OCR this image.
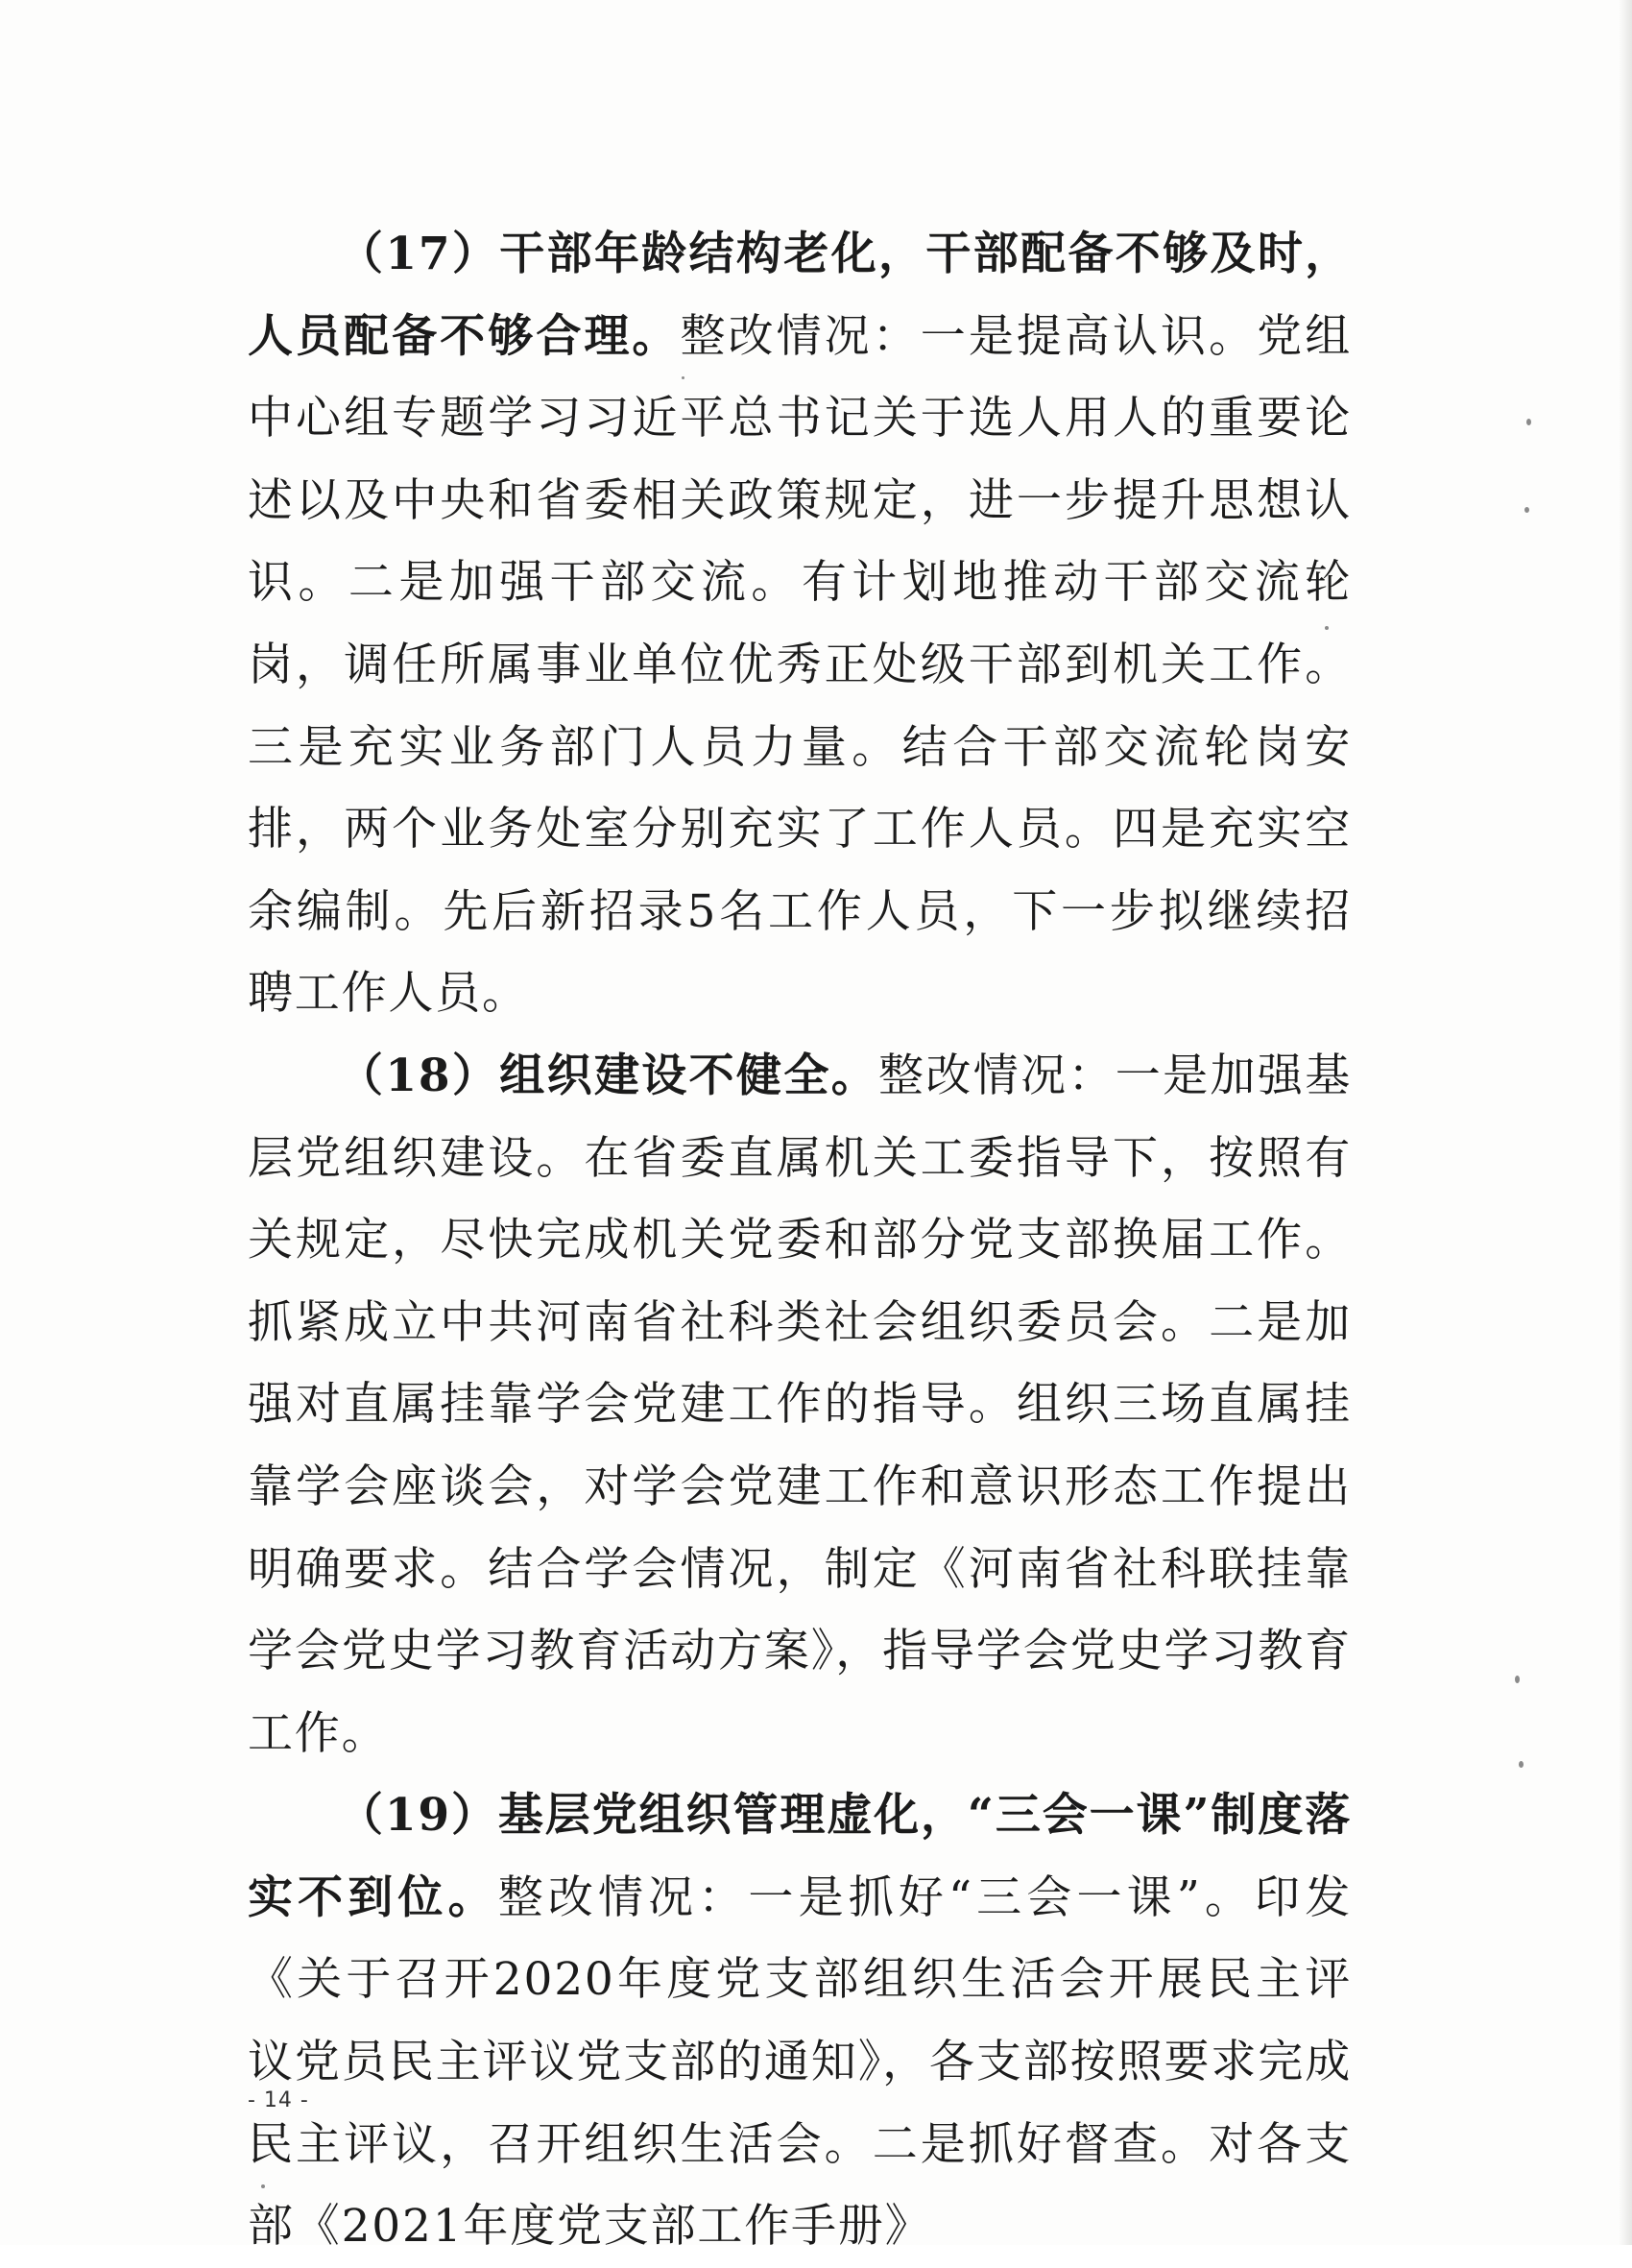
（17）干部年龄结构老化，干部配备不够及时，人员配备不够合理。整改情况：一是提高认识。党组中心组专题学习习近平总书记关于选人用人的重要论述以及中央和省委相关政策规定，进一步提升思想认识。二是加强干部交流。有计划地推动干部交流轮岗，调任所属事业单位优秀正处级干部到机关工作。三是充实业务部门人员力量。结合干部交流轮岗安排，两个业务处室分别充实了工作人员。四是充实空余编制。先后新招录5名工作人员，下一步拟继续招聘工作人员。

（18）组织建设不健全。整改情况：一是加强基层党组织建设。在省委直属机关工委指导下，按照有关规定，尽快完成机关党委和部分党支部换届工作。抓紧成立中共河南省社科类社会组织委员会。二是加强对直属挂靠学会党建工作的指导。组织三场直属挂靠学会座谈会，对学会党建工作和意识形态工作提出明确要求。结合学会情况，制定《河南省社科联挂靠学会党史学习教育活动方案》，指导学会党史学习教育工作。

（19）基层党组织管理虚化，“三会一课”制度落实不到位。整改情况：一是抓好“三会一课”。印发《关于召开2020年度党支部组织生活会开展民主评议党员民主评议党支部的通知》，各支部按照要求完成民主评议，召开组织生活会。二是抓好督查。对各支部《2021年度党支部工作手册》

- 14 -
